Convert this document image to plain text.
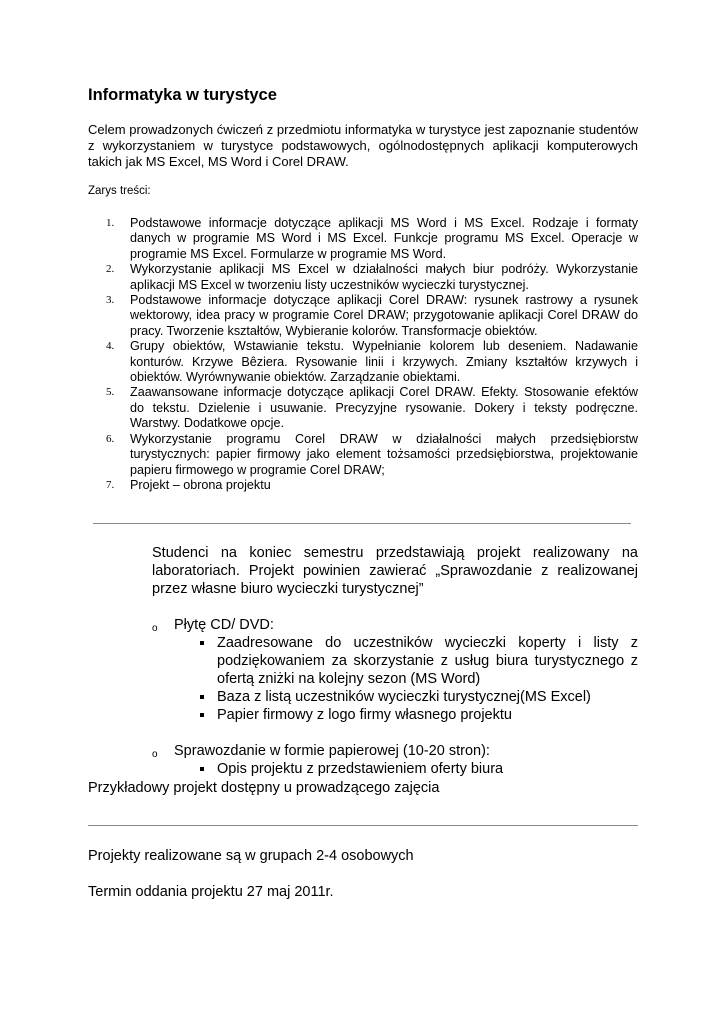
Informatyka w turystyce

Celem prowadzonych ćwiczeń z przedmiotu informatyka w turystyce jest zapoznanie studentów z wykorzystaniem w turystyce podstawowych, ogólnodostępnych aplikacji komputerowych takich jak MS Excel, MS Word i Corel DRAW.

Zarys treści:

1. Podstawowe informacje dotyczące aplikacji MS Word i MS Excel. Rodzaje i formaty danych w programie MS Word i MS Excel. Funkcje programu MS Excel. Operacje w programie MS Excel. Formularze w programie MS Word.
2. Wykorzystanie aplikacji MS Excel w działalności małych biur podróży. Wykorzystanie aplikacji MS Excel w tworzeniu listy uczestników wycieczki turystycznej.
3. Podstawowe informacje dotyczące aplikacji Corel DRAW: rysunek rastrowy a rysunek wektorowy, idea pracy w programie Corel DRAW; przygotowanie aplikacji Corel DRAW do pracy. Tworzenie kształtów, Wybieranie kolorów. Transformacje obiektów.
4. Grupy obiektów, Wstawianie tekstu. Wypełnianie kolorem lub deseniem. Nadawanie konturów. Krzywe Bêziera. Rysowanie linii i krzywych. Zmiany kształtów krzywych i obiektów. Wyrównywanie obiektów. Zarządzanie obiektami.
5. Zaawansowane informacje dotyczące aplikacji Corel DRAW. Efekty. Stosowanie efektów do tekstu. Dzielenie i usuwanie. Precyzyjne rysowanie. Dokery i teksty podręczne. Warstwy. Dodatkowe opcje.
6. Wykorzystanie programu Corel DRAW w działalności małych przedsiębiorstw turystycznych: papier firmowy jako element tożsamości przedsiębiorstwa, projektowanie papieru firmowego w programie Corel DRAW;
7. Projekt – obrona projektu

Studenci na koniec semestru przedstawiają projekt realizowany na laboratoriach. Projekt powinien zawierać „Sprawozdanie z realizowanej przez własne biuro wycieczki turystycznej”

o Płytę CD/ DVD:
Zaadresowane do uczestników wycieczki koperty i listy z podziękowaniem za skorzystanie z usług biura turystycznego z ofertą zniżki na kolejny sezon (MS Word)
Baza z listą uczestników wycieczki turystycznej(MS Excel)
Papier firmowy z logo firmy własnego projektu
o Sprawozdanie w formie papierowej (10-20 stron):
Opis projektu z przedstawieniem oferty biura

Przykładowy projekt dostępny u prowadzącego zajęcia

Projekty realizowane są w grupach 2-4 osobowych

Termin oddania projektu 27 maj 2011r.
